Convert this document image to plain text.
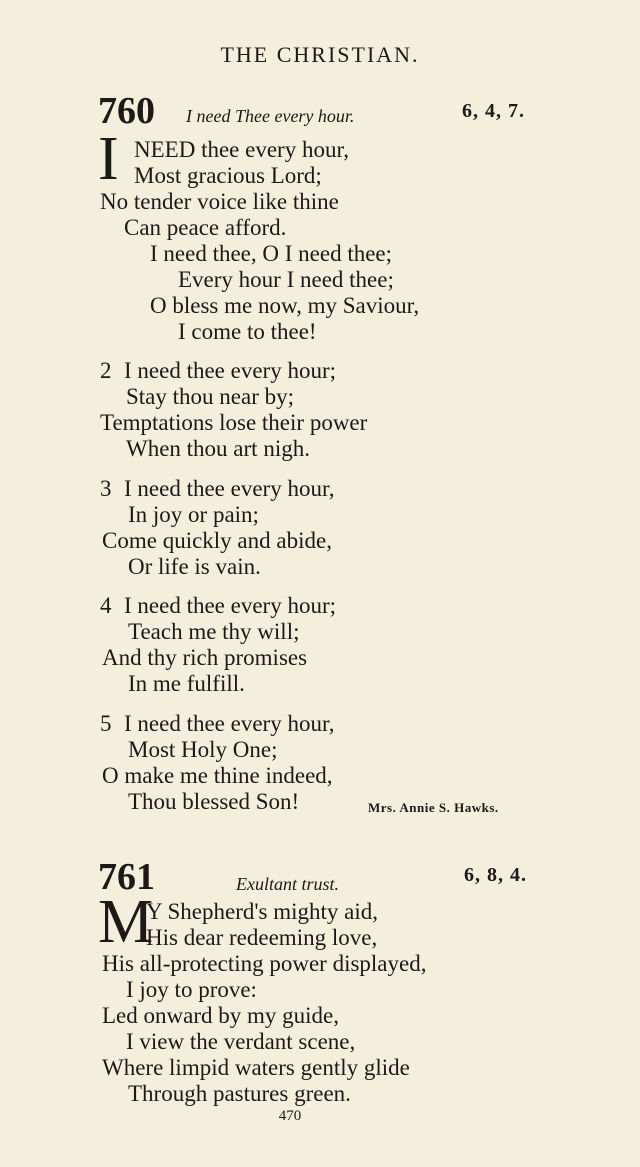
THE CHRISTIAN.
760 I need Thee every hour.	6, 4, 7.
I NEED thee every hour,
Most gracious Lord;
No tender voice like thine
Can peace afford.
I need thee, O I need thee;
Every hour I need thee;
O bless me now, my Saviour,
I come to thee!
2 I need thee every hour;
Stay thou near by;
Temptations lose their power
When thou art nigh.
3 I need thee every hour,
In joy or pain;
Come quickly and abide,
Or life is vain.
4 I need thee every hour;
Teach me thy will;
And thy rich promises
In me fulfill.
5 I need thee every hour,
Most Holy One;
O make me thine indeed,
Thou blessed Son!	Mrs. Annie S. Hawks.
761	Exultant trust.	6, 8, 4.
M
Y Shepherd's mighty aid,
His dear redeeming love,
His all-protecting power displayed,
I joy to prove:
Led onward by my guide,
I view the verdant scene,
Where limpid waters gently glide
Through pastures green.
470
